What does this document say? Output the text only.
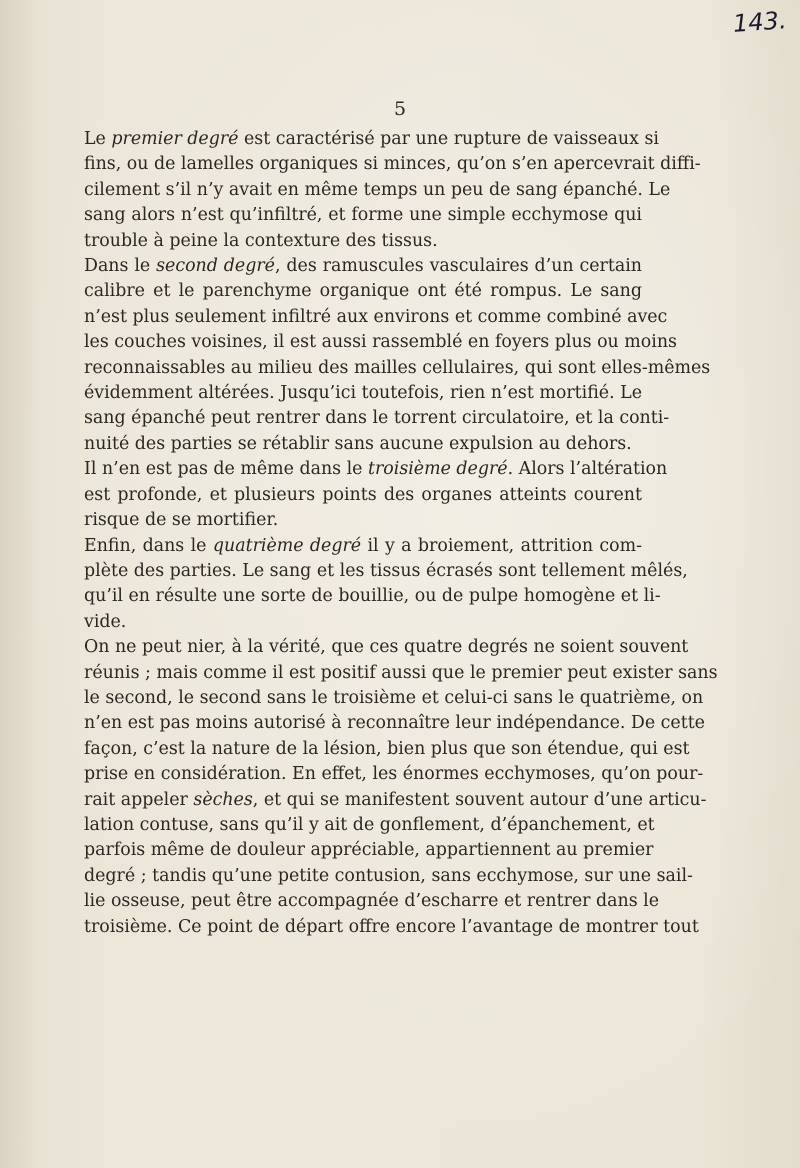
143.
5
Le premier degré est caractérisé par une rupture de vaisseaux si
fins, ou de lamelles organiques si minces, qu’on s’en apercevrait diffi-
cilement s’il n’y avait en même temps un peu de sang épanché. Le
sang alors n’est qu’infiltré, et forme une simple ecchymose qui
trouble à peine la contexture des tissus.
Dans le second degré, des ramuscules vasculaires d’un certain
calibre et le parenchyme organique ont été rompus. Le sang
n’est plus seulement infiltré aux environs et comme combiné avec
les couches voisines, il est aussi rassemblé en foyers plus ou moins
reconnaissables au milieu des mailles cellulaires, qui sont elles-mêmes
évidemment altérées. Jusqu’ici toutefois, rien n’est mortifié. Le
sang épanché peut rentrer dans le torrent circulatoire, et la conti-
nuité des parties se rétablir sans aucune expulsion au dehors.
Il n’en est pas de même dans le troisième degré. Alors l’altération
est profonde, et plusieurs points des organes atteints courent
risque de se mortifier.
Enfin, dans le quatrième degré il y a broiement, attrition com-
plète des parties. Le sang et les tissus écrasés sont tellement mêlés,
qu’il en résulte une sorte de bouillie, ou de pulpe homogène et li-
vide.
On ne peut nier, à la vérité, que ces quatre degrés ne soient souvent
réunis ; mais comme il est positif aussi que le premier peut exister sans
le second, le second sans le troisième et celui-ci sans le quatrième, on
n’en est pas moins autorisé à reconnaître leur indépendance. De cette
façon, c’est la nature de la lésion, bien plus que son étendue, qui est
prise en considération. En effet, les énormes ecchymoses, qu’on pour-
rait appeler sèches, et qui se manifestent souvent autour d’une articu-
lation contuse, sans qu’il y ait de gonflement, d’épanchement, et
parfois même de douleur appréciable, appartiennent au premier
degré ; tandis qu’une petite contusion, sans ecchymose, sur une sail-
lie osseuse, peut être accompagnée d’escharre et rentrer dans le
troisième. Ce point de départ offre encore l’avantage de montrer tout
